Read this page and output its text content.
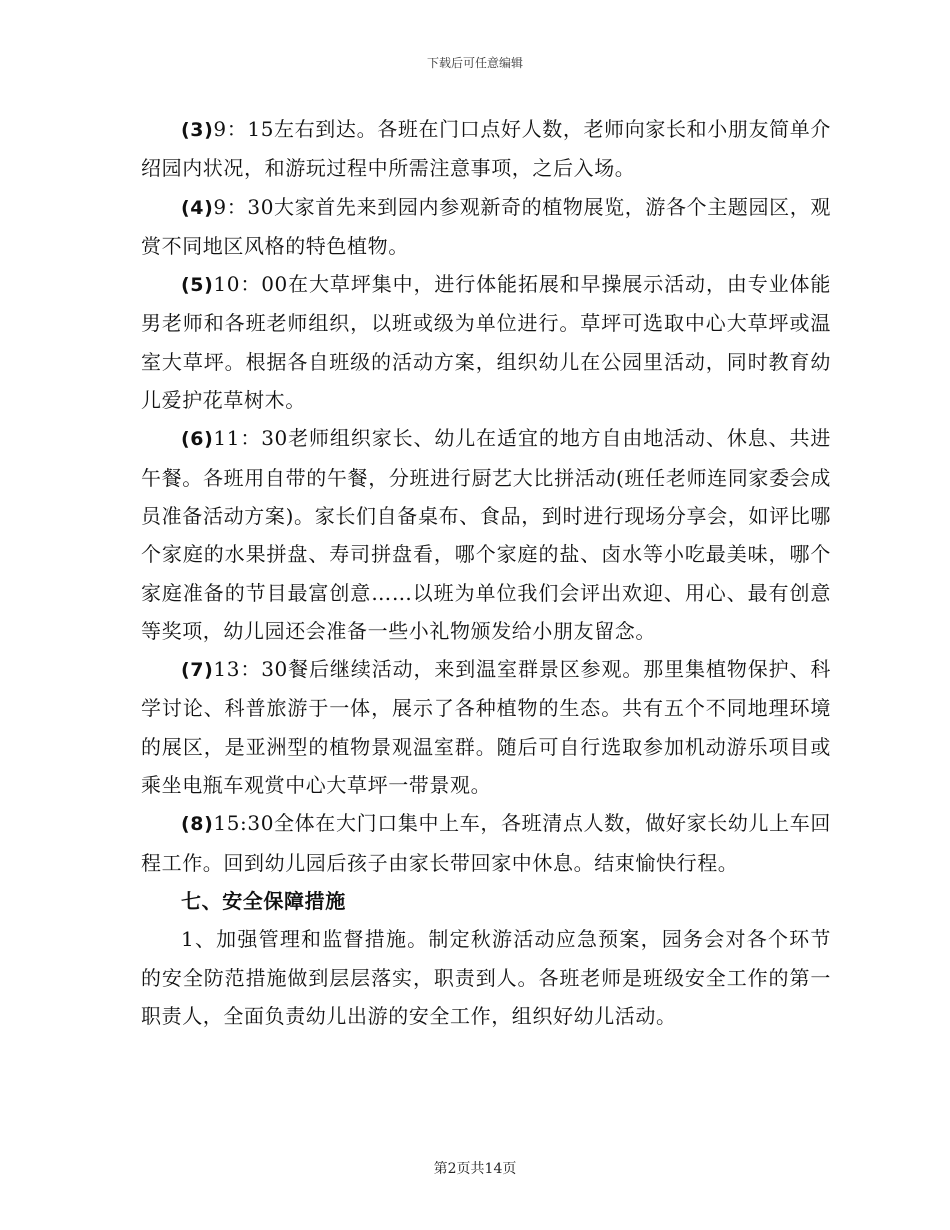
下载后可任意编辑

(3)9：15左右到达。各班在门口点好人数，老师向家长和小朋友简单介绍园内状况，和游玩过程中所需注意事项，之后入场。

(4)9：30大家首先来到园内参观新奇的植物展览，游各个主题园区，观赏不同地区风格的特色植物。

(5)10：00在大草坪集中，进行体能拓展和早操展示活动，由专业体能男老师和各班老师组织，以班或级为单位进行。草坪可选取中心大草坪或温室大草坪。根据各自班级的活动方案，组织幼儿在公园里活动，同时教育幼儿爱护花草树木。

(6)11：30老师组织家长、幼儿在适宜的地方自由地活动、休息、共进午餐。各班用自带的午餐，分班进行厨艺大比拼活动(班任老师连同家委会成员准备活动方案)。家长们自备桌布、食品，到时进行现场分享会，如评比哪个家庭的水果拼盘、寿司拼盘看，哪个家庭的盐、卤水等小吃最美味，哪个家庭准备的节目最富创意……以班为单位我们会评出欢迎、用心、最有创意等奖项，幼儿园还会准备一些小礼物颁发给小朋友留念。

(7)13：30餐后继续活动，来到温室群景区参观。那里集植物保护、科学讨论、科普旅游于一体，展示了各种植物的生态。共有五个不同地理环境的展区，是亚洲型的植物景观温室群。随后可自行选取参加机动游乐项目或乘坐电瓶车观赏中心大草坪一带景观。

(8)15:30全体在大门口集中上车，各班清点人数，做好家长幼儿上车回程工作。回到幼儿园后孩子由家长带回家中休息。结束愉快行程。

七、安全保障措施

1、加强管理和监督措施。制定秋游活动应急预案，园务会对各个环节的安全防范措施做到层层落实，职责到人。各班老师是班级安全工作的第一职责人，全面负责幼儿出游的安全工作，组织好幼儿活动。

第2页共14页
